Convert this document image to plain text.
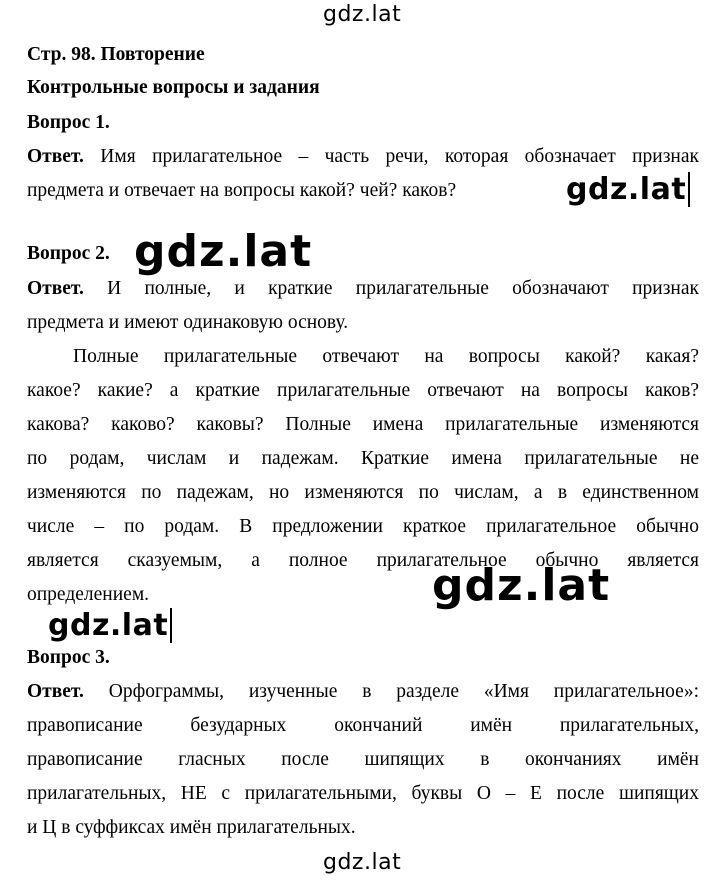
gdz.lat
Стр. 98. Повторение
Контрольные вопросы и задания
Вопрос 1.
Ответ. Имя прилагательное – часть речи, которая обозначает признак
предмета и отвечает на вопросы какой? чей? каков?	gdz.lat
Вопрос 2. gdz.lat
Ответ. И полные, и краткие прилагательные обозначают признак
предмета и имеют одинаковую основу.
Полные прилагательные отвечают на вопросы какой? какая?
какое? какие? а краткие прилагательные отвечают на вопросы каков?
какова? каково? каковы? Полные имена прилагательные изменяются
по родам, числам и падежам. Краткие имена прилагательные не
изменяются по падежам, но изменяются по числам, а в единственном
числе – по родам. В предложении краткое прилагательное обычно
является сказуемым, а полное прилагательное обычно является
определением.	gdz.lat
gdz.lat
Вопрос 3.
Ответ. Орфограммы, изученные в разделе «Имя прилагательное»:
правописание безударных окончаний имён прилагательных,
правописание гласных после шипящих в окончаниях имён
прилагательных, НЕ с прилагательными, буквы О – Е после шипящих
и Ц в суффиксах имён прилагательных.
gdz.lat
